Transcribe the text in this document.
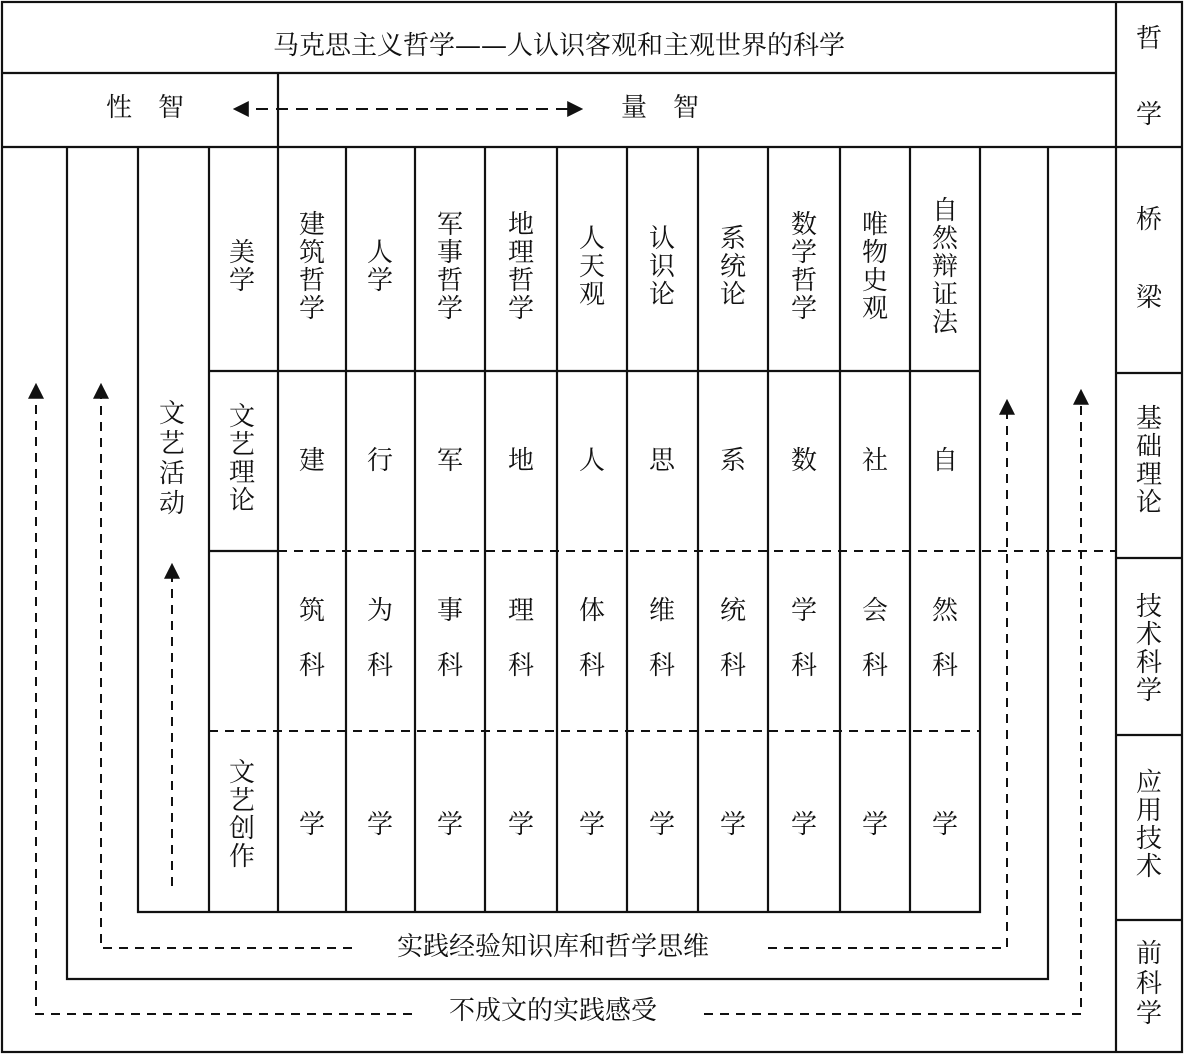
马克思主义哲学——人认识客观和主观世界的科学
性　智	量　智
实践经验知识库和哲学思维
不成文的实践感受
建
筑
哲
学
建
筑
科
学
人
学
行
为
科
学
军
事
哲
学
军
事
科
学
地
理
哲
学
地
理
科
学
人
天
观
人
体
科
学
认
识
论
思
维
科
学
系
统
论
系
统
科
学
数
学
哲
学
数
学
科
学
唯
物
史
观
社
会
科
学
自
然
辩
证
法
自
然
科
学
美
学
文
艺
理
论
文
艺
创
作
文
艺
活
动
哲
学
桥
梁
基
础
理
论
技
术
科
学
应
用
技
术
前
科
学
